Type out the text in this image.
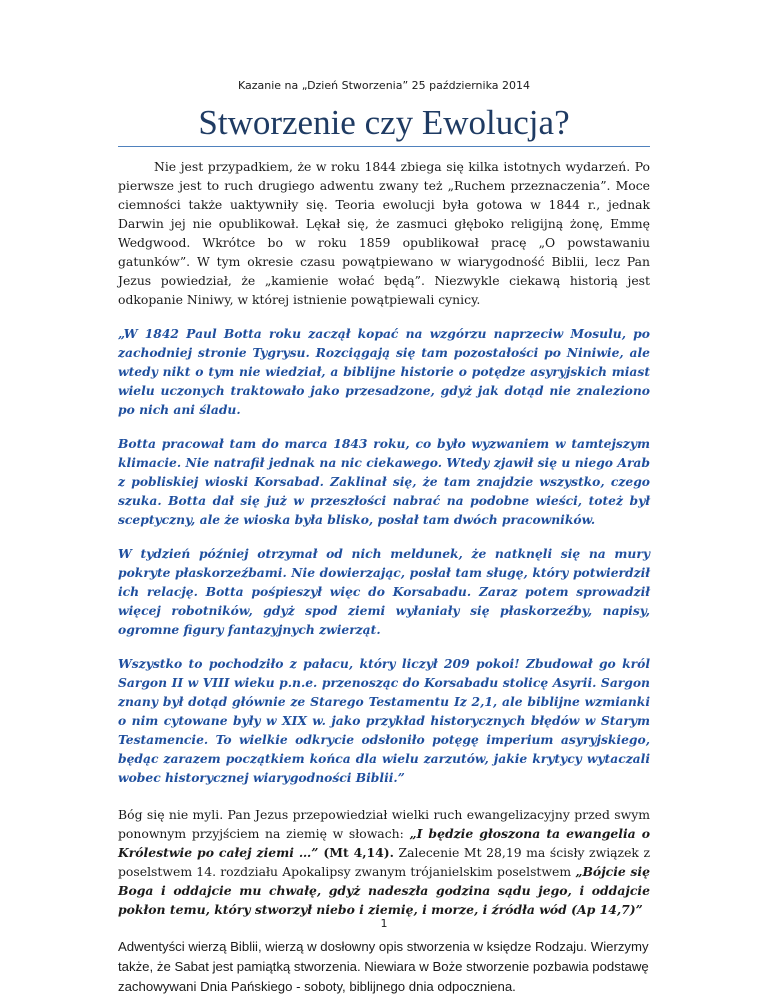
Kazanie na „Dzień Stworzenia” 25 października 2014
Stworzenie czy Ewolucja?

Nie jest przypadkiem, że w roku 1844 zbiega się kilka istotnych wydarzeń. Po pierwsze jest to ruch drugiego adwentu zwany też „Ruchem przeznaczenia”. Moce ciemności także uaktywniły się. Teoria ewolucji była gotowa w 1844 r., jednak Darwin jej nie opublikował. Lękał się, że zasmuci głęboko religijną żonę, Emmę Wedgwood. Wkrótce bo w roku 1859 opublikował pracę „O powstawaniu gatunków”. W tym okresie czasu powątpiewano w wiarygodność Biblii, lecz Pan Jezus powiedział, że „kamienie wołać będą”. Niezwykle ciekawą historią jest odkopanie Niniwy, w której istnienie powątpiewali cynicy.

„W 1842 Paul Botta roku zaczął kopać na wzgórzu naprzeciw Mosulu, po zachodniej stronie Tygrysu. Rozciągają się tam pozostałości po Niniwie, ale wtedy nikt o tym nie wiedział, a biblijne historie o potędze asyryjskich miast wielu uczonych traktowało jako przesadzone, gdyż jak dotąd nie znaleziono po nich ani śladu.

Botta pracował tam do marca 1843 roku, co było wyzwaniem w tamtejszym klimacie. Nie natrafił jednak na nic ciekawego. Wtedy zjawił się u niego Arab z pobliskiej wioski Korsabad. Zaklinał się, że tam znajdzie wszystko, czego szuka. Botta dał się już w przeszłości nabrać na podobne wieści, toteż był sceptyczny, ale że wioska była blisko, posłał tam dwóch pracowników.

W tydzień później otrzymał od nich meldunek, że natknęli się na mury pokryte płaskorzeźbami. Nie dowierzając, posłał tam sługę, który potwierdził ich relację. Botta pośpieszył więc do Korsabadu. Zaraz potem sprowadził więcej robotników, gdyż spod ziemi wyłaniały się płaskorzeźby, napisy, ogromne figury fantazyjnych zwierząt.

Wszystko to pochodziło z pałacu, który liczył 209 pokoi! Zbudował go król Sargon II w VIII wieku p.n.e. przenosząc do Korsabadu stolicę Asyrii. Sargon znany był dotąd głównie ze Starego Testamentu Iz 2,1, ale biblijne wzmianki o nim cytowane były w XIX w. jako przykład historycznych błędów w Starym Testamencie. To wielkie odkrycie odsłoniło potęgę imperium asyryjskiego, będąc zarazem początkiem końca dla wielu zarzutów, jakie krytycy wytaczali wobec historycznej wiarygodności Biblii.”

Bóg się nie myli. Pan Jezus przepowiedział wielki ruch ewangelizacyjny przed swym ponownym przyjściem na ziemię w słowach: „I będzie głoszona ta ewangelia o Królestwie po całej ziemi …” (Mt 4,14). Zalecenie Mt 28,19 ma ścisły związek z poselstwem 14. rozdziału Apokalipsy zwanym trójanielskim poselstwem „Bójcie się Boga i oddajcie mu chwałę, gdyż nadeszła godzina sądu jego, i oddajcie pokłon temu, który stworzył niebo i ziemię, i morze, i źródła wód (Ap 14,7)”

Adwentyści wierzą Biblii, wierzą w dosłowny opis stworzenia w księdze Rodzaju. Wierzymy także, że Sabat jest pamiątką stworzenia. Niewiara w Boże stworzenie pozbawia podstawę zachowywani Dnia Pańskiego - soboty, biblijnego dnia odpoczniena.

1
